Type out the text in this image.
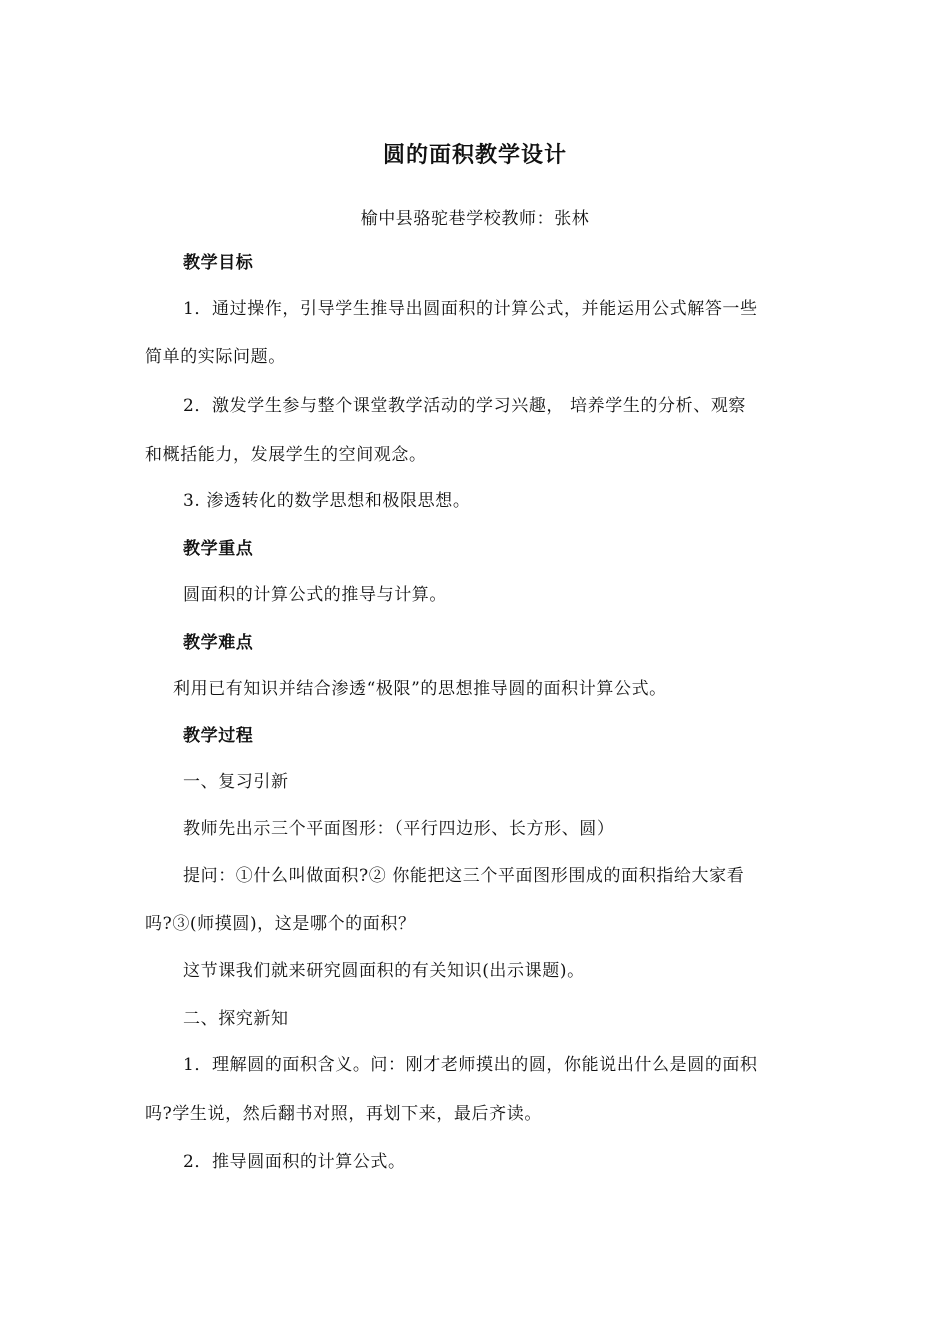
圆的面积教学设计
榆中县骆驼巷学校教师：张林
教学目标
1．通过操作，引导学生推导出圆面积的计算公式，并能运用公式解答一些
简单的实际问题。
2．激发学生参与整个课堂教学活动的学习兴趣， 培养学生的分析、观察
和概括能力，发展学生的空间观念。
3. 渗透转化的数学思想和极限思想。
教学重点
圆面积的计算公式的推导与计算。
教学难点
利用已有知识并结合渗透“极限”的思想推导圆的面积计算公式。
教学过程
一、复习引新
教师先出示三个平面图形：（平行四边形、长方形、圆）
提问：①什么叫做面积?② 你能把这三个平面图形围成的面积指给大家看
吗?③(师摸圆)，这是哪个的面积？
这节课我们就来研究圆面积的有关知识(出示课题)。
二、探究新知
1．理解圆的面积含义。问：刚才老师摸出的圆，你能说出什么是圆的面积
吗?学生说，然后翻书对照，再划下来，最后齐读。
2．推导圆面积的计算公式。
